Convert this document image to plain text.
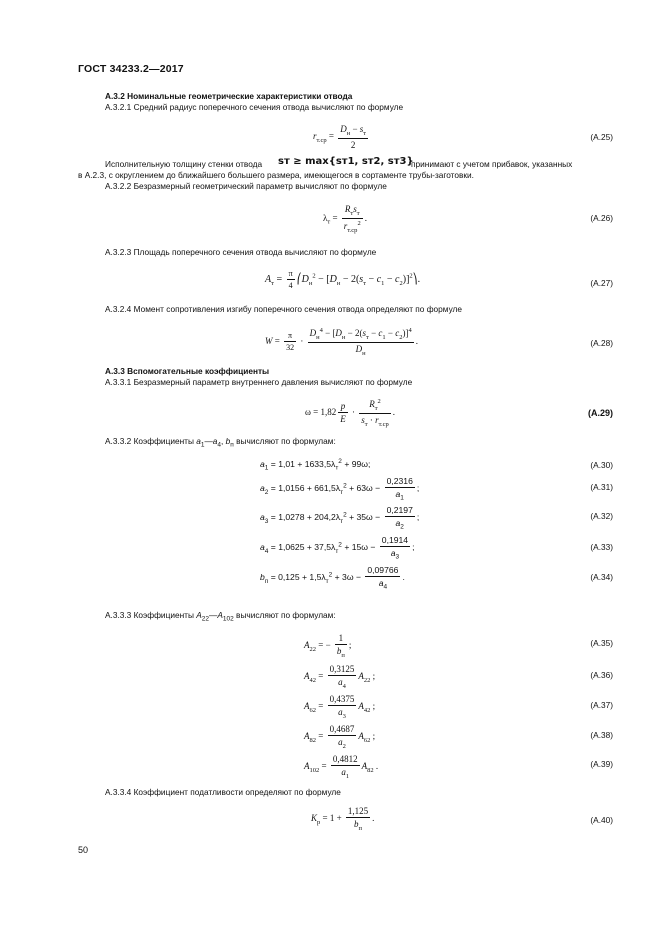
ГОСТ 34233.2—2017
А.3.2 Номинальные геометрические характеристики отвода
А.3.2.1 Средний радиус поперечного сечения отвода вычисляют по формуле
$r_{т.ср} = \frac{D_н - s_т}{2}$	(А.25)
Исполнительную толщину стенки отвода sт ≥ max{sт1, sт2, sт3}
принимают с учетом прибавок, указанных
в А.2.3, с округлением до ближайшего большего размера, имеющегося в сортаменте трубы-заготовки.
А.3.2.2 Безразмерный геометрический параметр вычисляют по формуле
$\lambda_т = \frac{R_тs_т}{r_{т.ср}^2}$ .	(А.26)
А.3.2.3 Площадь поперечного сечения отвода вычисляют по формуле
$A_т = \frac{\pi}{4}$ $⎛D_н^2 - [D_н - 2(s_т - c_1$ − $c_2)]^2⎞$.	(А.27)
А.3.2.4 Момент сопротивления изгибу поперечного сечения отвода определяют по формуле
$W = \frac{\pi}{32} \cdot \frac{D_н^4 - [D_н - 2(s_т - c_1 - c_2)]^4}{D_н}$ .	(А.28)
А.3.3 Вспомогательные коэффициенты
А.3.3.1 Безразмерный параметр внутреннего давления вычисляют по формуле
$\omega = 1,82 \frac{p}{E} \cdot \frac{R_т^2}{s_т \cdot r_{т.ср}}$ .	(А.29)
А.3.3.2 Коэффициенты $a_1—a_4$, $b_п$ вычисляют по формулам:
$a_1 = 1,01 + 1633,5\lambda_т^2 + 99\omega$;	(А.30)
$a_2 = 1,0156 + 661,5\lambda_т^2 + 63\omega - \frac{0,2316}{a_1}$ ;	(А.31)
$a_3 = 1,0278 + 204,2\lambda_т^2 + 35\omega - \frac{0,2197}{a_2}$ ;	(А.32)
$a_4 = 1,0625 + 37,5\lambda_т^2 + 15\omega - \frac{0,1914}{a_3}$ ;	(А.33)
$b_п = 0,125 + 1,5\lambda_т^2 + 3\omega - \frac{0,09766}{a_4}$ .	(А.34)
А.3.3.3 Коэффициенты $A_{22}—A_{102}$ вычисляют по формулам:
$A_{22}$ = − $\frac{1}{b_п}$ ;	(А.35)
$A_{42} = \frac{0,3125}{a_4} A_{22}$ ;	(А.36)
$A_{62} = \frac{0,4375}{a_3} A_{42}$ ;	(А.37)
$A_{82} = \frac{0,4687}{a_2} A_{62}$ ;	(А.38)
$A_{102} = \frac{0,4812}{a_1} A_{82}$ .	(А.39)
А.3.3.4 Коэффициент податливости определяют по формуле
$K_р = 1 + \frac{1,125}{b_п}$ .	(А.40)
50
